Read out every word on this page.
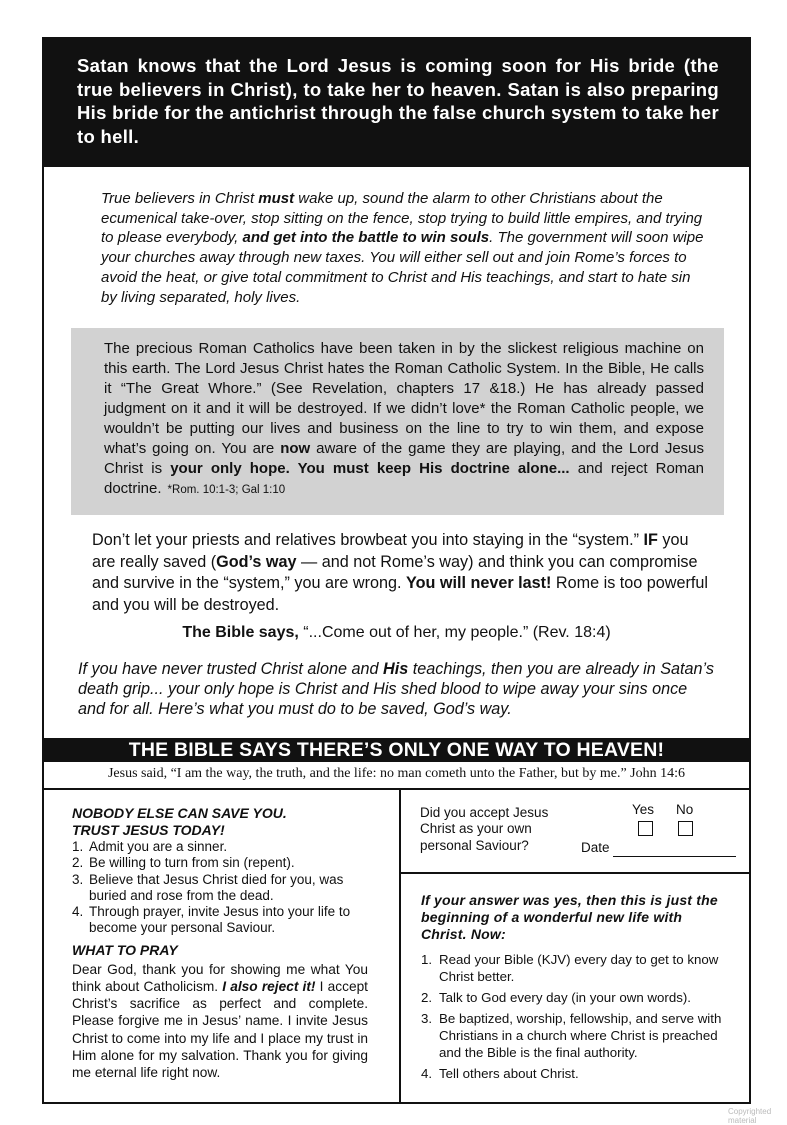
Satan knows that the Lord Jesus is coming soon for His bride (the true believers in Christ), to take her to heaven. Satan is also preparing His bride for the antichrist through the false church system to take her to hell.

True believers in Christ must wake up, sound the alarm to other Christians about the ecumenical take-over, stop sitting on the fence, stop trying to build little empires, and trying to please everybody, and get into the battle to win souls. The government will soon wipe your churches away through new taxes. You will either sell out and join Rome’s forces to avoid the heat, or give total commitment to Christ and His teachings, and start to hate sin by living separated, holy lives.

The precious Roman Catholics have been taken in by the slickest religious machine on this earth. The Lord Jesus Christ hates the Roman Catholic System. In the Bible, He calls it “The Great Whore.” (See Revelation, chapters 17 &18.) He has already passed judgment on it and it will be destroyed. If we didn’t love* the Roman Catholic people, we wouldn’t be putting our lives and business on the line to try to win them, and expose what’s going on. You are now aware of the game they are playing, and the Lord Jesus Christ is your only hope. You must keep His doctrine alone... and reject Roman doctrine. *Rom. 10:1-3; Gal 1:10

Don’t let your priests and relatives browbeat you into staying in the “system.” IF you are really saved (God’s way — and not Rome’s way) and think you can compromise and survive in the “system,” you are wrong. You will never last! Rome is too powerful and you will be destroyed.

The Bible says, “...Come out of her, my people.” (Rev. 18:4)

If you have never trusted Christ alone and His teachings, then you are already in Satan’s death grip... your only hope is Christ and His shed blood to wipe away your sins once and for all. Here’s what you must do to be saved, God’s way.

THE BIBLE SAYS THERE’S ONLY ONE WAY TO HEAVEN!

Jesus said, “I am the way, the truth, and the life: no man cometh unto the Father, but by me.” John 14:6

NOBODY ELSE CAN SAVE YOU.
TRUST JESUS TODAY!
1. Admit you are a sinner.
2. Be willing to turn from sin (repent).
3. Believe that Jesus Christ died for you, was buried and rose from the dead.
4. Through prayer, invite Jesus into your life to become your personal Saviour.
WHAT TO PRAY

Dear God, thank you for showing me what You think about Catholicism. I also reject it! I accept Christ’s sacrifice as perfect and complete. Please forgive me in Jesus’ name. I invite Jesus Christ to come into my life and I place my trust in Him alone for my salvation. Thank you for giving me eternal life right now.

Did you accept Jesus Christ as your own personal Saviour?

Yes No
Date
If your answer was yes, then this is just the beginning of a wonderful new life with Christ. Now:
1. Read your Bible (KJV) every day to get to know Christ better.
2. Talk to God every day (in your own words).
3. Be baptized, worship, fellowship, and serve with Christians in a church where Christ is preached and the Bible is the final authority.
4. Tell others about Christ.

Copyrighted material
